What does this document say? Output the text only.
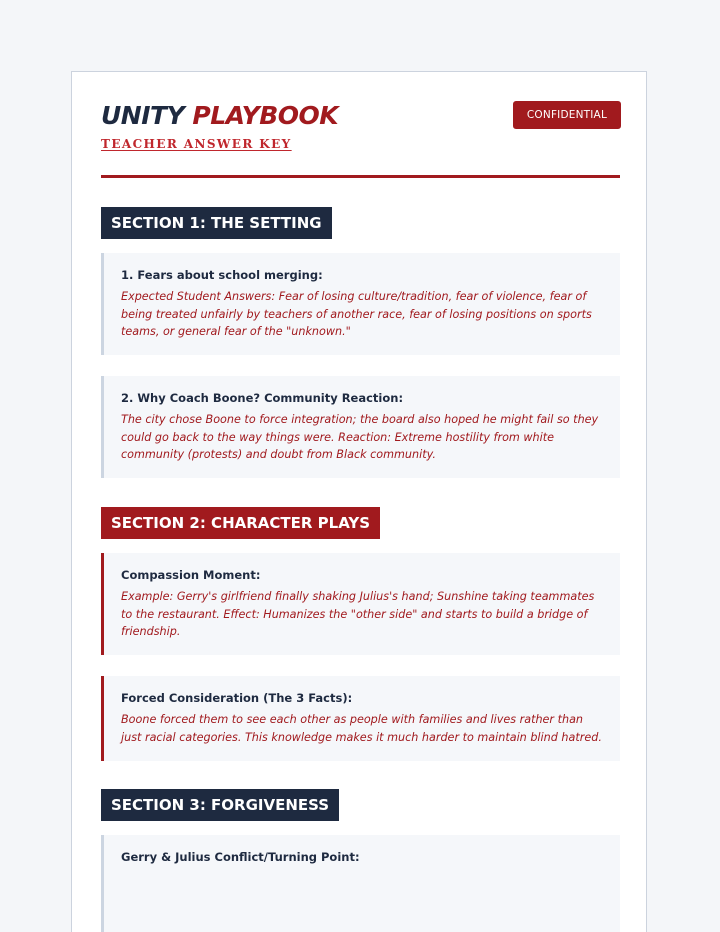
UNITY PLAYBOOK
TEACHER ANSWER KEY
CONFIDENTIAL
SECTION 1: THE SETTING
1. Fears about school merging:
Expected Student Answers: Fear of losing culture/tradition, fear of violence, fear of being treated unfairly by teachers of another race, fear of losing positions on sports teams, or general fear of the "unknown."
2. Why Coach Boone? Community Reaction:
The city chose Boone to force integration; the board also hoped he might fail so they could go back to the way things were. Reaction: Extreme hostility from white community (protests) and doubt from Black community.
SECTION 2: CHARACTER PLAYS
Compassion Moment:
Example: Gerry's girlfriend finally shaking Julius's hand; Sunshine taking teammates to the restaurant. Effect: Humanizes the "other side" and starts to build a bridge of friendship.
Forced Consideration (The 3 Facts):
Boone forced them to see each other as people with families and lives rather than just racial categories. This knowledge makes it much harder to maintain blind hatred.
SECTION 3: FORGIVENESS
Gerry & Julius Conflict/Turning Point:
